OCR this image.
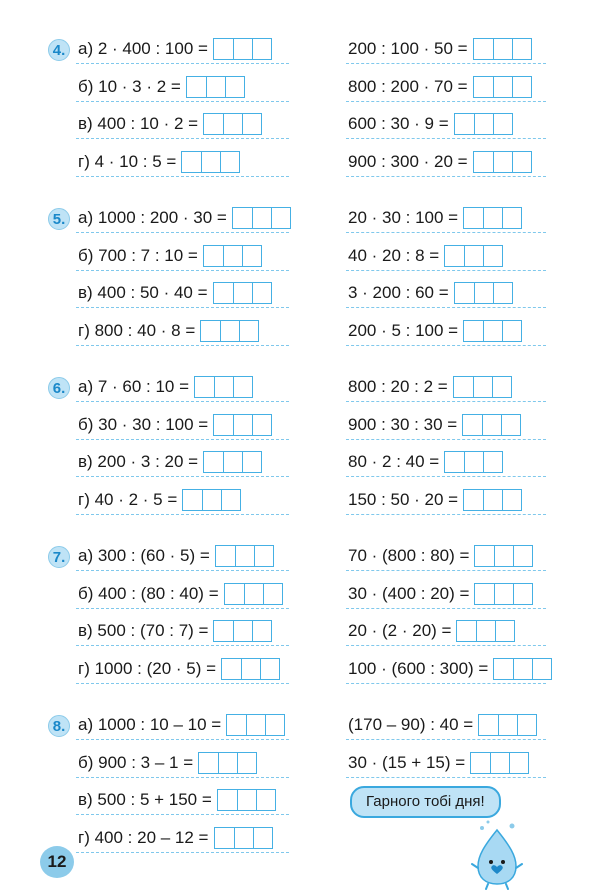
4. а) 2 · 400 : 100 =	200 : 100 · 50 =
б) 10 · 3 · 2 =	800 : 200 · 70 =
в) 400 : 10 · 2 =	600 : 30 · 9 =
г) 4 · 10 : 5 =	900 : 300 · 20 =
5. а) 1000 : 200 · 30 =	20 · 30 : 100 =
б) 700 : 7 : 10 =	40 · 20 : 8 =
в) 400 : 50 · 40 =	3 · 200 : 60 =
г) 800 : 40 · 8 =	200 · 5 : 100 =
6. а) 7 · 60 : 10 =	800 : 20 : 2 =
б) 30 · 30 : 100 =	900 : 30 : 30 =
в) 200 · 3 : 20 =	80 · 2 : 40 =
г) 40 · 2 · 5 =	150 : 50 · 20 =
7. а) 300 : (60 · 5) =	70 · (800 : 80) =
б) 400 : (80 : 40) =	30 · (400 : 20) =
в) 500 : (70 : 7) =	20 · (2 · 20) =
г) 1000 : (20 · 5) =	100 · (600 : 300) =
8. а) 1000 : 10 – 10 =	(170 – 90) : 40 =
б) 900 : 3 – 1 =	30 · (15 + 15) =
в) 500 : 5 + 150 =
г) 400 : 20 – 12 =
Гарного тобі дня!
12
